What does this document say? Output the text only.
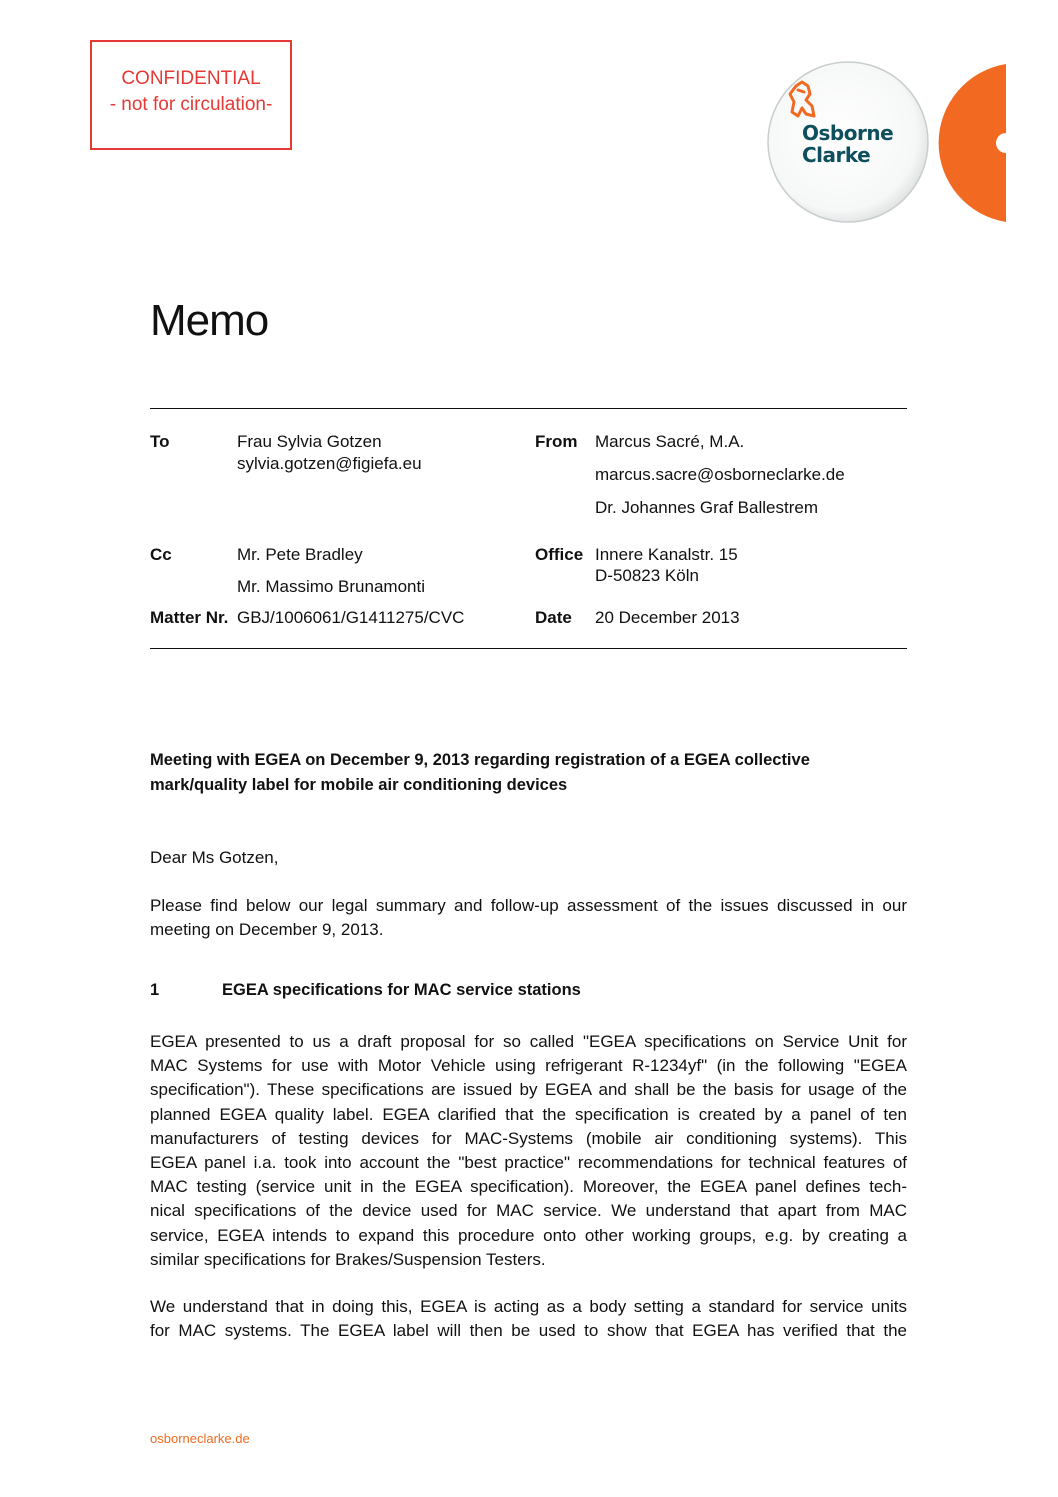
CONFIDENTIAL
- not for circulation-
Osborne
Clarke
Memo
To	Frau Sylvia Gotzen
sylvia.gotzen@figiefa.eu
From Marcus Sacré, M.A.
marcus.sacre@osborneclarke.de
Dr. Johannes Graf Ballestrem
Cc	Mr. Pete Bradley
Mr. Massimo Brunamonti
Office Innere Kanalstr. 15
D-50823 Köln
Matter Nr. GBJ/1006061/G1411275/CVC	Date 20 December 2013
Meeting with EGEA on December 9, 2013 regarding registration of a EGEA collective
mark/quality label for mobile air conditioning devices
Dear Ms Gotzen,
Please find below our legal summary and follow-up assessment of the issues discussed in our
meeting on December 9, 2013.
1	EGEA specifications for MAC service stations
EGEA presented to us a draft proposal for so called "EGEA specifications on Service Unit for
MAC Systems for use with Motor Vehicle using refrigerant R-1234yf" (in the following "EGEA
specification"). These specifications are issued by EGEA and shall be the basis for usage of the
planned EGEA quality label. EGEA clarified that the specification is created by a panel of ten
manufacturers of testing devices for MAC-Systems (mobile air conditioning systems). This
EGEA panel i.a. took into account the "best practice" recommendations for technical features of
MAC testing (service unit in the EGEA specification). Moreover, the EGEA panel defines tech-
nical specifications of the device used for MAC service. We understand that apart from MAC
service, EGEA intends to expand this procedure onto other working groups, e.g. by creating a
similar specifications for Brakes/Suspension Testers.
We understand that in doing this, EGEA is acting as a body setting a standard for service units
for MAC systems. The EGEA label will then be used to show that EGEA has verified that the
osborneclarke.de
